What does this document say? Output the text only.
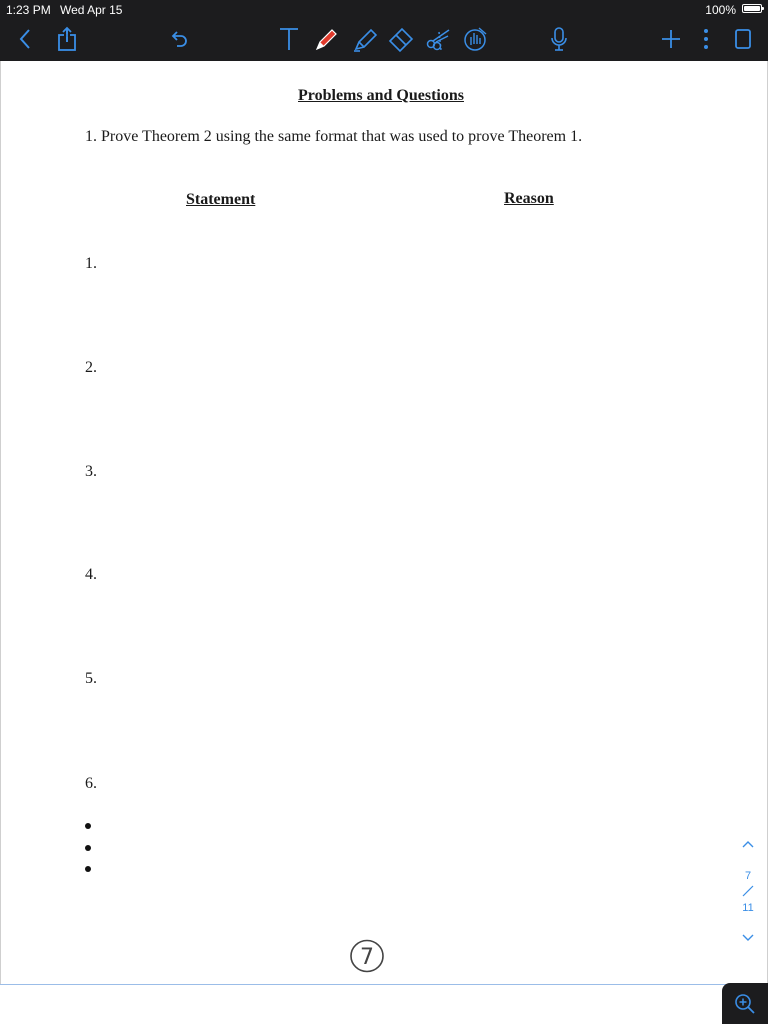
1:23 PM Wed Apr 15	100%
Problems and Questions
1. Prove Theorem 2 using the same format that was used to prove Theorem 1.
Statement	Reason
1.
2.
3.
4.
5.
6.
7
7
11
